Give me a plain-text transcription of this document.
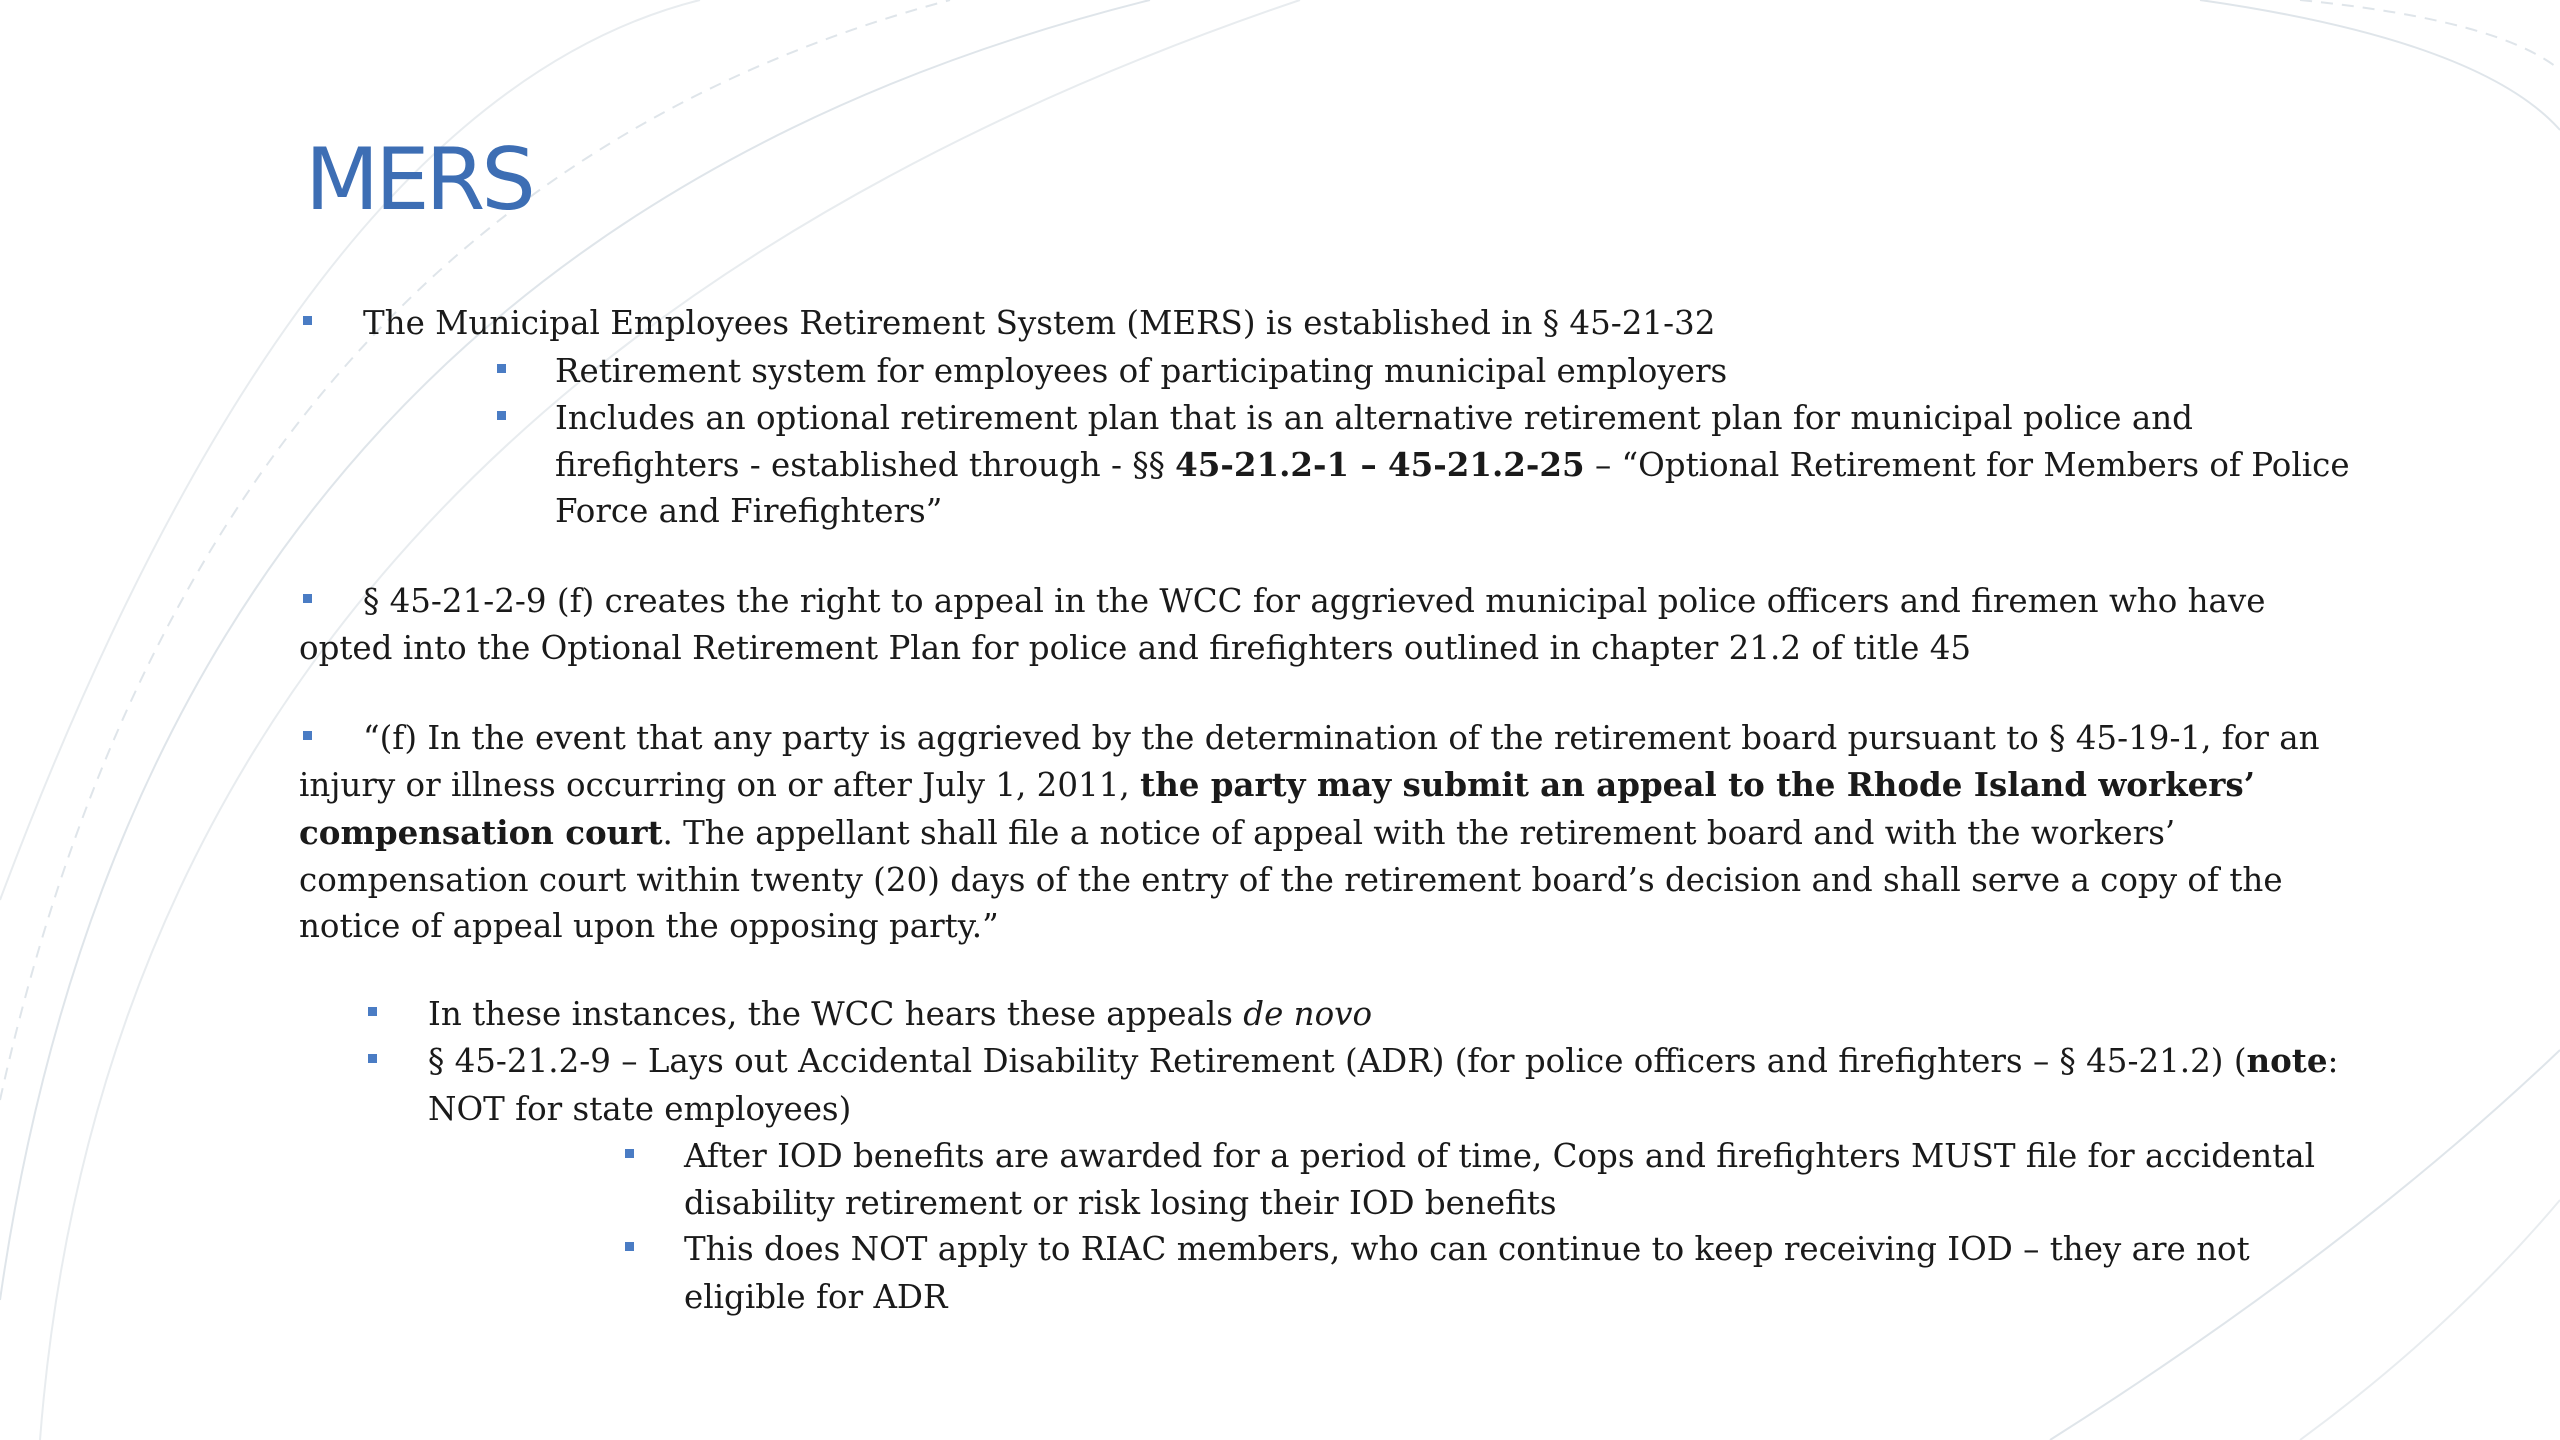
MERS
The Municipal Employees Retirement System (MERS) is established in § 45-21-32
Retirement system for employees of participating municipal employers
Includes an optional retirement plan that is an alternative retirement plan for municipal police and
firefighters - established through - §§ 45-21.2-1 – 45-21.2-25 – “Optional Retirement for Members of Police
Force and Firefighters”
§ 45-21-2-9 (f) creates the right to appeal in the WCC for aggrieved municipal police officers and firemen who have
opted into the Optional Retirement Plan for police and firefighters outlined in chapter 21.2 of title 45
“(f) In the event that any party is aggrieved by the determination of the retirement board pursuant to § 45-19-1, for an
injury or illness occurring on or after July 1, 2011, the party may submit an appeal to the Rhode Island workers’
compensation court. The appellant shall file a notice of appeal with the retirement board and with the workers’
compensation court within twenty (20) days of the entry of the retirement board’s decision and shall serve a copy of the
notice of appeal upon the opposing party.”
In these instances, the WCC hears these appeals de novo
§ 45-21.2-9 – Lays out Accidental Disability Retirement (ADR) (for police officers and firefighters – § 45-21.2) (note:
NOT for state employees)
After IOD benefits are awarded for a period of time, Cops and firefighters MUST file for accidental
disability retirement or risk losing their IOD benefits
This does NOT apply to RIAC members, who can continue to keep receiving IOD – they are not
eligible for ADR
